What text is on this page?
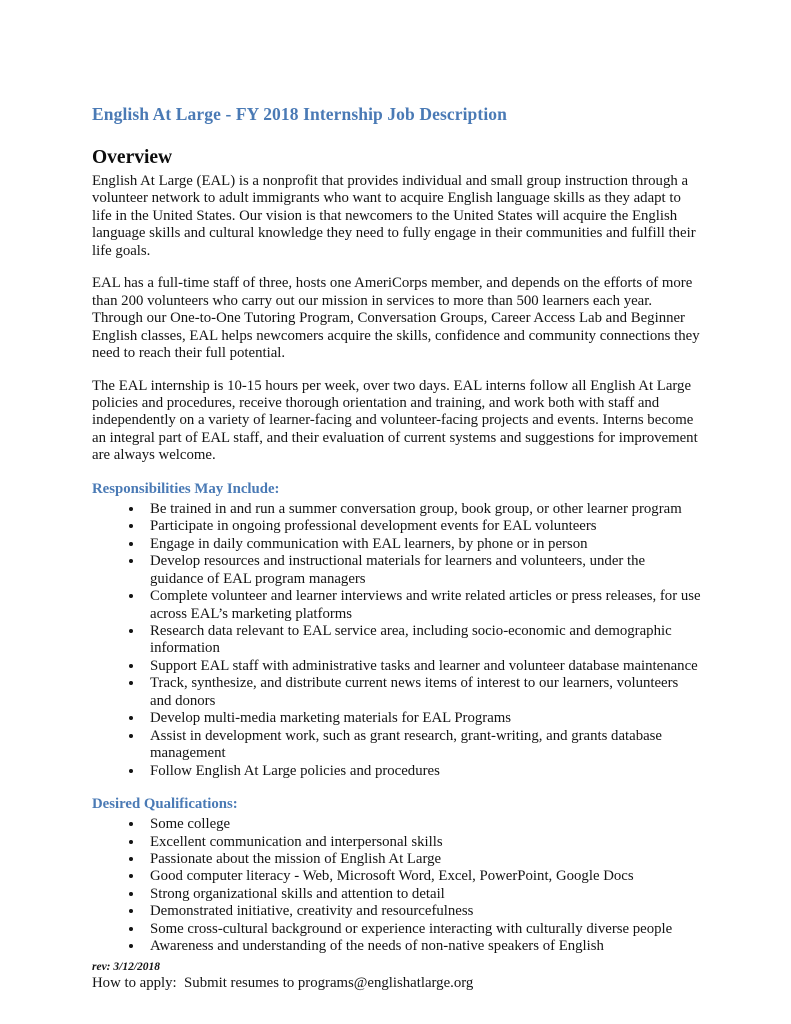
English At Large - FY 2018 Internship Job Description
Overview

English At Large (EAL) is a nonprofit that provides individual and small group instruction through a volunteer network to adult immigrants who want to acquire English language skills as they adapt to life in the United States. Our vision is that newcomers to the United States will acquire the English language skills and cultural knowledge they need to fully engage in their communities and fulfill their life goals.

EAL has a full-time staff of three, hosts one AmeriCorps member, and depends on the efforts of more than 200 volunteers who carry out our mission in services to more than 500 learners each year. Through our One-to-One Tutoring Program, Conversation Groups, Career Access Lab and Beginner English classes, EAL helps newcomers acquire the skills, confidence and community connections they need to reach their full potential.

The EAL internship is 10-15 hours per week, over two days. EAL interns follow all English At Large policies and procedures, receive thorough orientation and training, and work both with staff and independently on a variety of learner-facing and volunteer-facing projects and events. Interns become an integral part of EAL staff, and their evaluation of current systems and suggestions for improvement are always welcome.

Responsibilities May Include:
• Be trained in and run a summer conversation group, book group, or other learner program
• Participate in ongoing professional development events for EAL volunteers
• Engage in daily communication with EAL learners, by phone or in person
• Develop resources and instructional materials for learners and volunteers, under the guidance of EAL program managers
• Complete volunteer and learner interviews and write related articles or press releases, for use across EAL’s marketing platforms
• Research data relevant to EAL service area, including socio-economic and demographic information
• Support EAL staff with administrative tasks and learner and volunteer database maintenance
• Track, synthesize, and distribute current news items of interest to our learners, volunteers and donors
• Develop multi-media marketing materials for EAL Programs
• Assist in development work, such as grant research, grant-writing, and grants database management
• Follow English At Large policies and procedures
Desired Qualifications:
• Some college
• Excellent communication and interpersonal skills
• Passionate about the mission of English At Large
• Good computer literacy - Web, Microsoft Word, Excel, PowerPoint, Google Docs
• Strong organizational skills and attention to detail
• Demonstrated initiative, creativity and resourcefulness
• Some cross-cultural background or experience interacting with culturally diverse people
• Awareness and understanding of the needs of non-native speakers of English

How to apply:  Submit resumes to programs@englishatlarge.org

rev: 3/12/2018
